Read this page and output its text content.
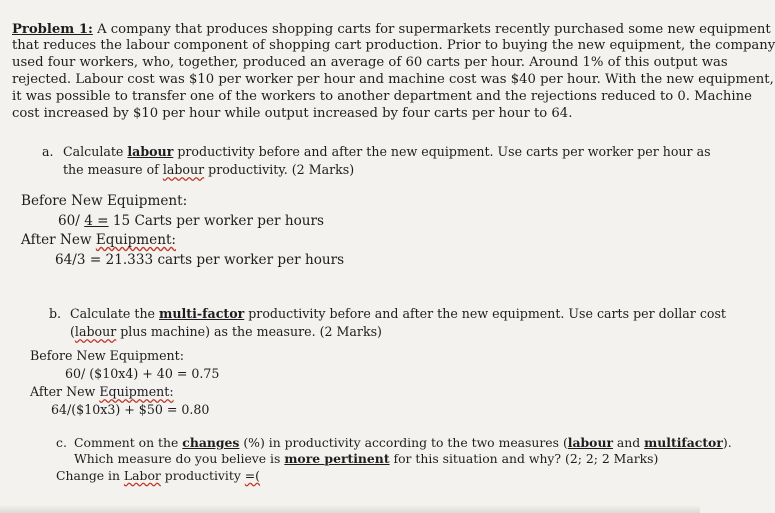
Problem 1: A company that produces shopping carts for supermarkets recently purchased some new equipment
that reduces the labour component of shopping cart production. Prior to buying the new equipment, the company
used four workers, who, together, produced an average of 60 carts per hour. Around 1% of this output was
rejected. Labour cost was $10 per worker per hour and machine cost was $40 per hour. With the new equipment,
it was possible to transfer one of the workers to another department and the rejections reduced to 0. Machine
cost increased by $10 per hour while output increased by four carts per hour to 64.
a. Calculate labour productivity before and after the new equipment. Use carts per worker per hour as
the measure of labour productivity. (2 Marks)
Before New Equipment:
60/ 4 = 15 Carts per worker per hours
After New Equipment:
64/3 = 21.333 carts per worker per hours
b. Calculate the multi-factor productivity before and after the new equipment. Use carts per dollar cost
(labour plus machine) as the measure. (2 Marks)
Before New Equipment:
60/ ($10x4) + 40 = 0.75
After New Equipment:
64/($10x3) + $50 = 0.80
c. Comment on the changes (%) in productivity according to the two measures (labour and multifactor).
Which measure do you believe is more pertinent for this situation and why? (2; 2; 2 Marks)
Change in Labor productivity =(
